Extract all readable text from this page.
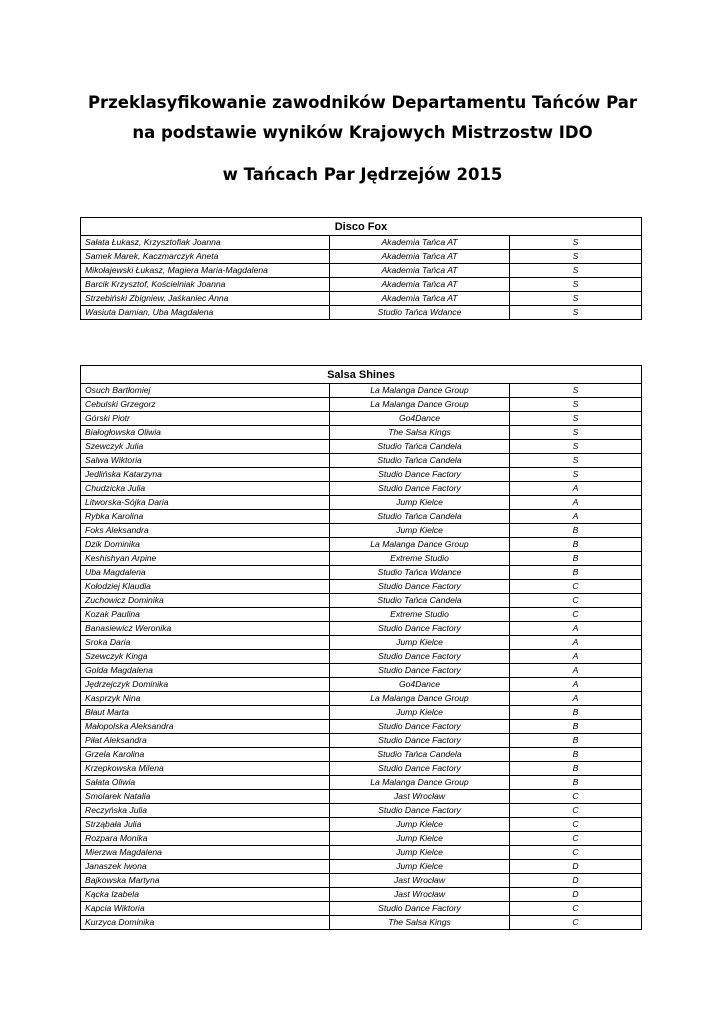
Przeklasyfikowanie zawodników Departamentu Tańców Par
na podstawie wyników Krajowych Mistrzostw IDO
w Tańcach Par Jędrzejów 2015
Disco Fox		
Sałata Łukasz, Krzysztofiak Joanna	Akademia Tańca AT	S
Samek Marek, Kaczmarczyk Aneta	Akademia Tańca AT	S
Mikołajewski Łukasz, Magiera Maria-Magdalena	Akademia Tańca AT	S
Barcik Krzysztof, Kościelniak Joanna	Akademia Tańca AT	S
Strzebiński Zbigniew, Jaśkaniec Anna	Akademia Tańca AT	S
Wasiuta Damian, Uba Magdalena	Studio Tańca Wdance	S
Salsa Shines		
Osuch Bartłomiej	La Malanga Dance Group	S
Cebulski Grzegorz	La Malanga Dance Group	S
Górski Piotr	Go4Dance	S
Białogłowska Oliwia	The Salsa Kings	S
Szewczyk Julia	Studio Tańca Candela	S
Salwa Wiktoria	Studio Tańca Candela	S
Jedlińska Katarzyna	Studio Dance Factory	S
Chudzicka Julia	Studio Dance Factory	A
Litworska-Sójka Daria	Jump Kielce	A
Rybka Karolina	Studio Tańca Candela	A
Foks Aleksandra	Jump Kielce	B
Dzik Dominika	La Malanga Dance Group	B
Keshishyan Arpine	Extreme Studio	B
Uba Magdalena	Studio Tańca Wdance	B
Kołodziej Klaudia	Studio Dance Factory	C
Zuchowicz Dominika	Studio Tańca Candela	C
Kozak Paulina	Extreme Studio	C
Banasiewicz Weronika	Studio Dance Factory	A
Sroka Daria	Jump Kielce	A
Szewczyk Kinga	Studio Dance Factory	A
Golda Magdalena	Studio Dance Factory	A
Jędrzejczyk Dominika	Go4Dance	A
Kasprzyk Nina	La Malanga Dance Group	A
Błaut Marta	Jump Kielce	B
Małopolska Aleksandra	Studio Dance Factory	B
Piłat Aleksandra	Studio Dance Factory	B
Grzela Karolina	Studio Tańca Candela	B
Krzepkowska Milena	Studio Dance Factory	B
Sałata Oliwia	La Malanga Dance Group	B
Smolarek Natalia	Jast Wrocław	C
Reczyńska Julia	Studio Dance Factory	C
Strząbała Julia	Jump Kielce	C
Rozpara Monika	Jump Kielce	C
Mierzwa Magdalena	Jump Kielce	C
Janaszek Iwona	Jump Kielce	D
Bajkowska Martyna	Jast Wrocław	D
Kącka Izabela	Jast Wrocław	D
Kapcia Wiktoria	Studio Dance Factory	C
Kurzyca Dominika	The Salsa Kings	C
